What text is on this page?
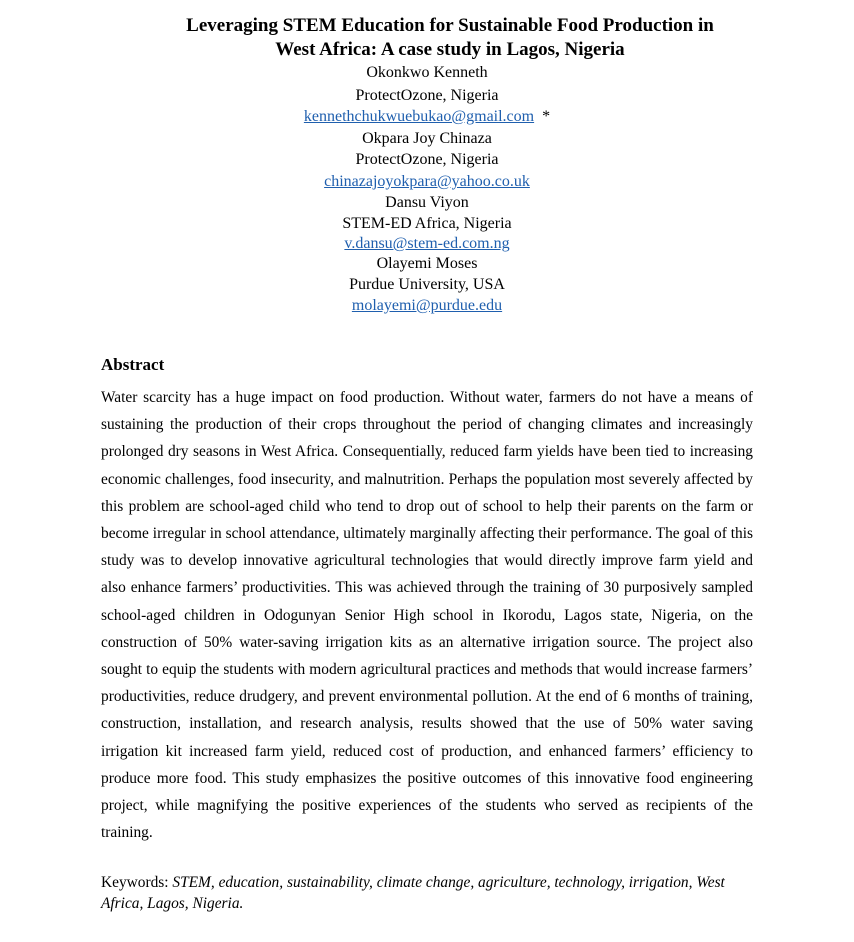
Leveraging STEM Education for Sustainable Food Production in
West Africa: A case study in Lagos, Nigeria
Okonkwo Kenneth
ProtectOzone, Nigeria
kennethchukwuebukao@gmail.com *
Okpara Joy Chinaza
ProtectOzone, Nigeria
chinazajoyokpara@yahoo.co.uk
Dansu Viyon
STEM-ED Africa, Nigeria
v.dansu@stem-ed.com.ng
Olayemi Moses
Purdue University, USA
molayemi@purdue.edu
Abstract
Water scarcity has a huge impact on food production. Without water, farmers do not have a means of sustaining the production of their crops throughout the period of changing climates and increasingly prolonged dry seasons in West Africa. Consequentially, reduced farm yields have been tied to increasing economic challenges, food insecurity, and malnutrition. Perhaps the population most severely affected by this problem are school-aged child who tend to drop out of school to help their parents on the farm or become irregular in school attendance, ultimately marginally affecting their performance. The goal of this study was to develop innovative agricultural technologies that would directly improve farm yield and also enhance farmers’ productivities. This was achieved through the training of 30 purposively sampled school-aged children in Odogunyan Senior High school in Ikorodu, Lagos state, Nigeria, on the construction of 50% water-saving irrigation kits as an alternative irrigation source. The project also sought to equip the students with modern agricultural practices and methods that would increase farmers’ productivities, reduce drudgery, and prevent environmental pollution. At the end of 6 months of training, construction, installation, and research analysis, results showed that the use of 50% water saving irrigation kit increased farm yield, reduced cost of production, and enhanced farmers’ efficiency to produce more food. This study emphasizes the positive outcomes of this innovative food engineering project, while magnifying the positive experiences of the students who served as recipients of the training.
Keywords: STEM, education, sustainability, climate change, agriculture, technology, irrigation, West Africa, Lagos, Nigeria.
